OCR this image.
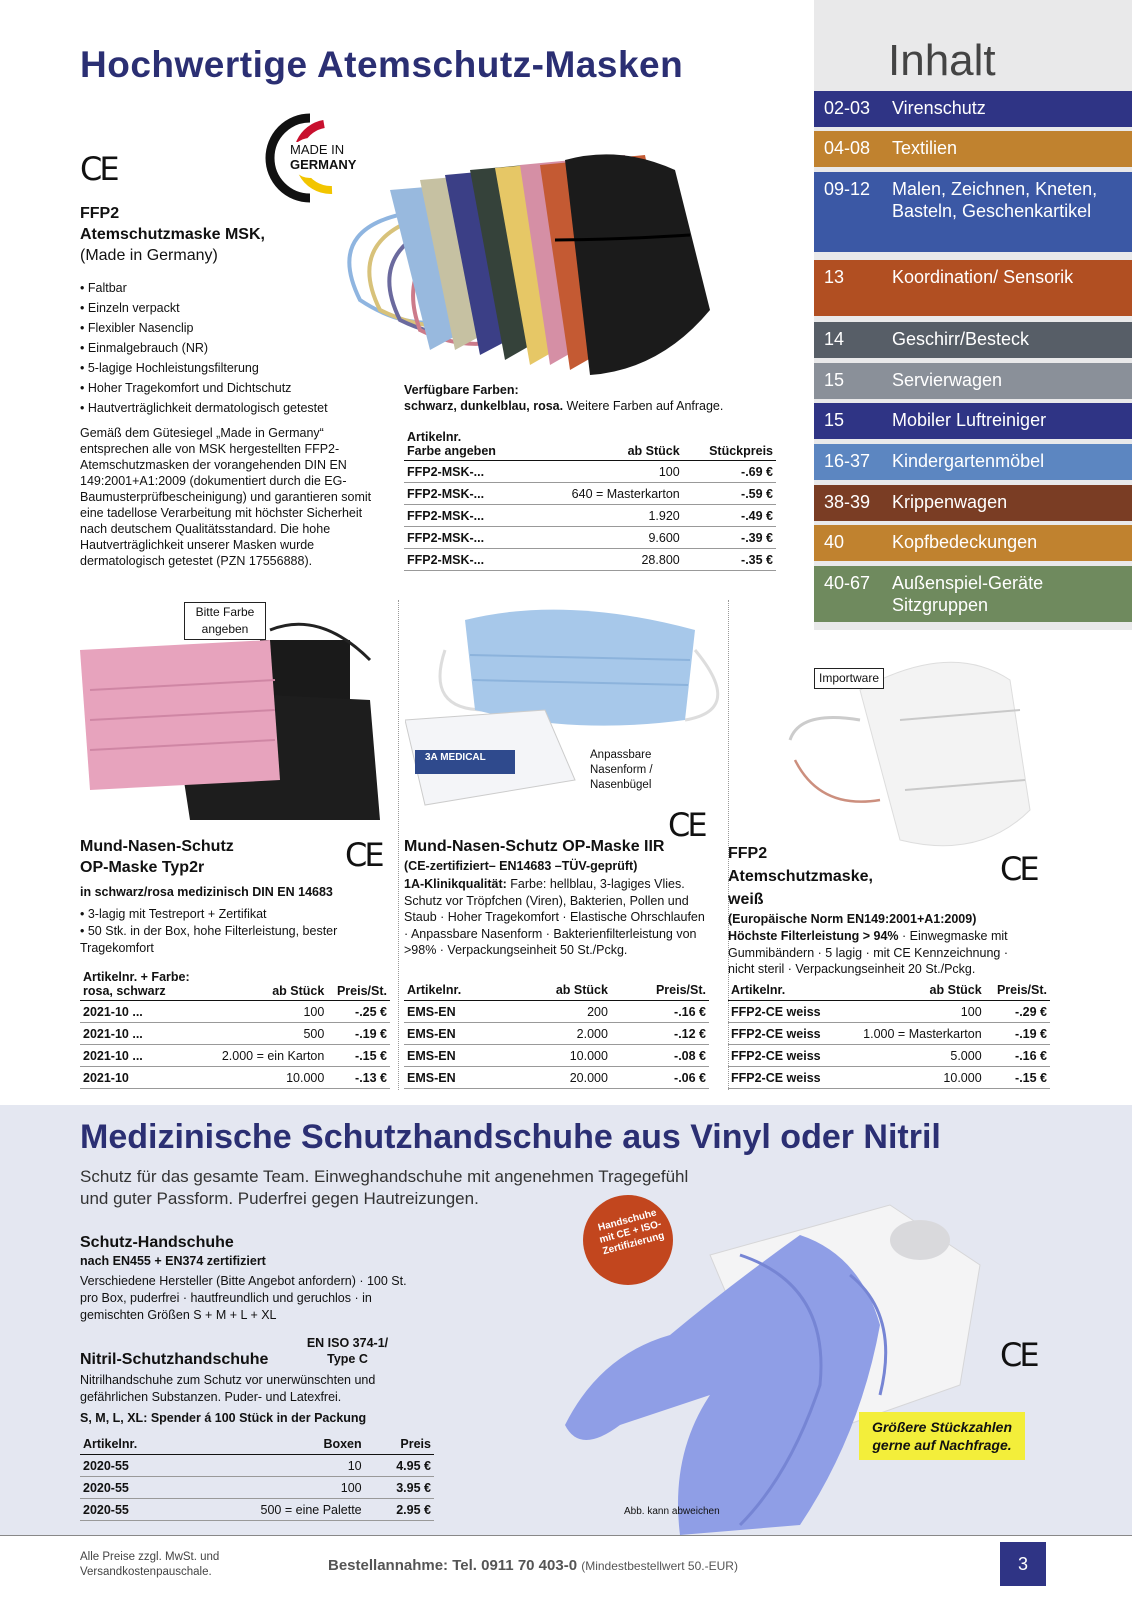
Hochwertige Atemschutz-Masken	Inhalt
02-03 Virenschutz
04-08 Textilien
09-12 Malen, Zeichnen, Kneten, Basteln, Geschenkartikel
13	Koordination/ Sensorik
14	Geschirr/Besteck
15	Servierwagen
15	Mobiler Luftreiniger
16-37 Kindergartenmöbel
38-39 Krippenwagen
40	Kopfbedeckungen
40-67 Außenspiel-Geräte Sitzgruppen
CE
FFP2
Atemschutzmaske MSK,
(Made in Germany)
• Faltbar
• Einzeln verpackt
• Flexibler Nasenclip
• Einmalgebrauch (NR)
• 5-lagige Hochleistungsfilterung
• Hoher Tragekomfort und Dichtschutz
• Hautverträglichkeit dermatologisch getestet
Gemäß dem Gütesiegel „Made in Germany“ entsprechen alle von MSK hergestellten FFP2-Atemschutzmasken der vorangehenden DIN EN 149:2001+A1:2009 (dokumentiert durch die EG-Baumusterprüfbescheinigung) und garantieren somit eine tadellose Verarbeitung mit höchster Sicherheit nach deutschem Qualitätsstandard. Die hohe Hautverträglichkeit unserer Masken wurde dermatologisch getestet (PZN 17556888).
MADE IN
GERMANY
Verfügbare Farben:
schwarz, dunkelblau, rosa. Weitere Farben auf Anfrage.
Artikelnr.
Farbe angeben	ab Stück	Stückpreis
FFP2-MSK-...	100	-.69 €
FFP2-MSK-...	640 = Masterkarton	-.59 €
FFP2-MSK-...	1.920	-.49 €
FFP2-MSK-...	9.600	-.39 €
FFP2-MSK-...	28.800	-.35 €
Bitte Farbe angeben
Mund-Nasen-Schutz
OP-Maske Typ2r	CE
in schwarz/rosa medizinisch DIN EN 14683
• 3-lagig mit Testreport + Zertifikat
• 50 Stk. in der Box, hohe Filterleistung, bester Tragekomfort
Artikelnr. + Farbe:
rosa, schwarz	ab Stück	Preis/St.
2021-10 ...	100	-.25 €
2021-10 ...	500	-.19 €
2021-10 ...	2.000 = ein Karton	-.15 €
2021-10	10.000	-.13 €
3A MEDICAL	Anpassbare Nasenform / Nasenbügel
CE
Mund-Nasen-Schutz OP-Maske IIR
(CE-zertifiziert– EN14683 –TÜV-geprüft)
1A-Klinikqualität: Farbe: hellblau, 3-lagiges Vlies. Schutz vor Tröpfchen (Viren), Bakterien, Pollen und Staub · Hoher Tragekomfort · Elastische Ohrschlaufen · Anpassbare Nasenform · Bakterienfilterleistung von >98% · Verpackungseinheit 50 St./Pckg.
Artikelnr.	ab Stück	Preis/St.
EMS-EN	200	-.16 €
EMS-EN	2.000	-.12 €
EMS-EN	10.000	-.08 €
EMS-EN	20.000	-.06 €
Importware
FFP2
Atemschutzmaske,
weiß
CE
(Europäische Norm EN149:2001+A1:2009)
Höchste Filterleistung > 94% · Einwegmaske mit Gummibändern · 5 lagig · mit CE Kennzeichnung · nicht steril · Verpackungseinheit 20 St./Pckg.
Artikelnr.	ab Stück	Preis/St.
FFP2-CE weiss	100	-.29 €
FFP2-CE weiss	1.000 = Masterkarton	-.19 €
FFP2-CE weiss	5.000	-.16 €
FFP2-CE weiss	10.000	-.15 €
Medizinische Schutzhandschuhe aus Vinyl oder Nitril
Schutz für das gesamte Team. Einweghandschuhe mit angenehmen Tragegefühl
und guter Passform. Puderfrei gegen Hautreizungen.
Schutz-Handschuhe
nach EN455 + EN374 zertifiziert
Verschiedene Hersteller (Bitte Angebot anfordern) · 100 St. pro Box, puderfrei · hautfreundlich und geruchlos · in gemischten Größen S + M + L + XL
EN ISO 374-1/ Type C
Nitril-Schutzhandschuhe
Nitrilhandschuhe zum Schutz vor unerwünschten und gefährlichen Substanzen. Puder- und Latexfrei.
S, M, L, XL: Spender á 100 Stück in der Packung
Artikelnr.	Boxen	Preis
2020-55	10	4.95 €
2020-55	100	3.95 €
2020-55	500 = eine Palette	2.95 €
Handschuhe mit CE + ISO-Zertifizierung
CE
Größere Stückzahlen gerne auf Nachfrage.
Abb. kann abweichen
Alle Preise zzgl. MwSt. und Versandkostenpauschale.	Bestellannahme: Tel. 0911 70 403-0 (Mindestbestellwert 50.-EUR)	3
